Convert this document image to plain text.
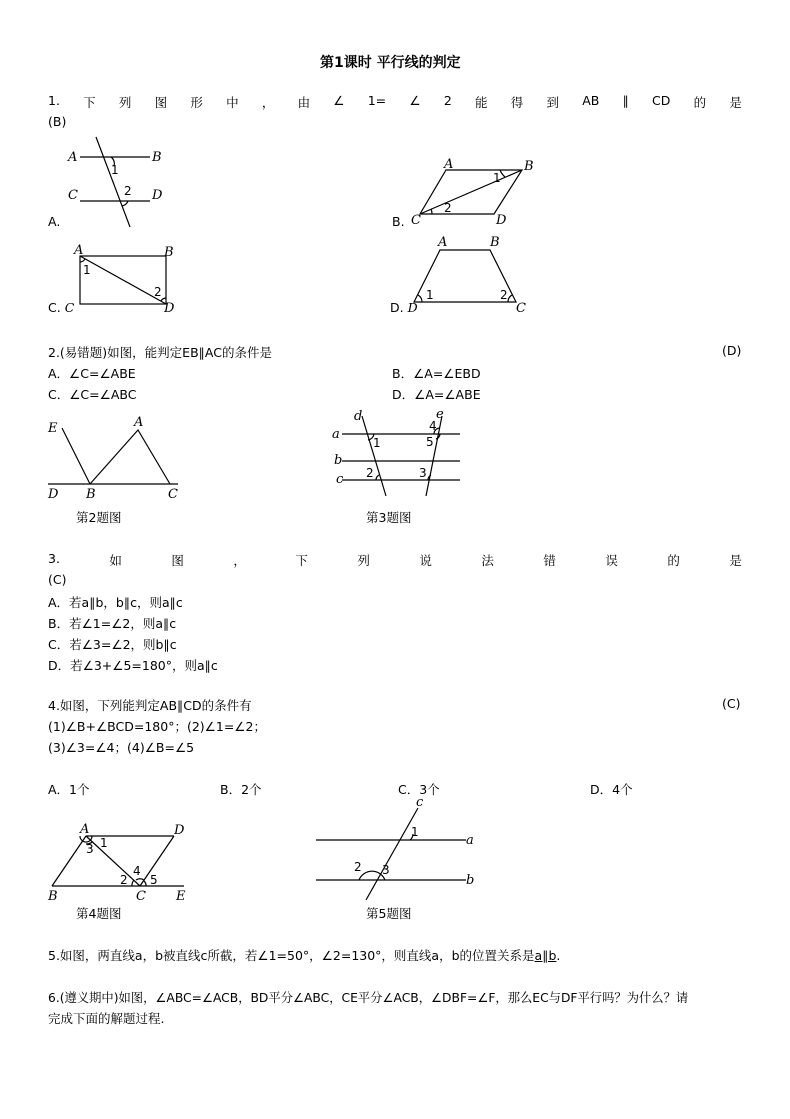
第1课时 平行线的判定
1. 下 列 图 形 中 ， 由 ∠ 1= ∠ 2 能 得 到 AB ∥ CD 的 是
(B)
A	B
C	D
1
2
A.
A	B
C	D
1
2
B.
A	B
1
2
D
C. C
A	B
1	2
C
D. D
2.(易错题)如图，能判定EB∥AC的条件是	(D)
A．∠C=∠ABE	B．∠A=∠EBD
C．∠C=∠ABC	D．∠A=∠ABE
E	A
D B	C
第2题图
d	e
a
b
c
1
2	3
4
5
第3题图
3.	如	图	，	下	列	说	法	错	误	的	是
(C)
A．若a∥b，b∥c，则a∥c
B．若∠1=∠2，则a∥c
C．若∠3=∠2，则b∥c
D．若∠3+∠5=180°，则a∥c
4.如图，下列能判定AB∥CD的条件有	(C)
(1)∠B+∠BCD=180°；(2)∠1=∠2；
(3)∠3=∠4；(4)∠B=∠5
A．1个	B．2个	C．3个	D．4个
A	D
1
3
4
2 5
B	C E
第4题图
c
a
b
1
2 3
第5题图
5.如图，两直线a，b被直线c所截，若∠1=50°，∠2=130°，则直线a，b的位置关系是a∥b.
6.(遵义期中)如图，∠ABC=∠ACB，BD平分∠ABC，CE平分∠ACB，∠DBF=∠F，那么EC与DF平行吗？为什么？请
完成下面的解题过程.
